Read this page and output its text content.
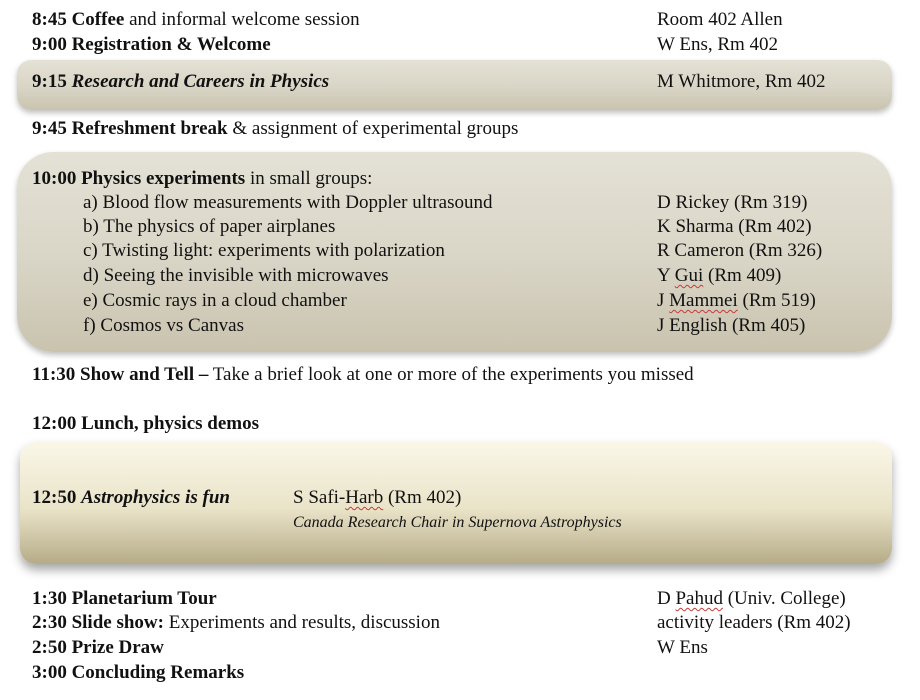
8:45 Coffee and informal welcome session	Room 402 Allen
9:00 Registration & Welcome	W Ens, Rm 402
9:15 Research and Careers in Physics	M Whitmore, Rm 402
9:45 Refreshment break & assignment of experimental groups
10:00 Physics experiments in small groups:
a) Blood flow measurements with Doppler ultrasound	D Rickey (Rm 319)
b) The physics of paper airplanes	K Sharma (Rm 402)
c) Twisting light: experiments with polarization	R Cameron (Rm 326)
d) Seeing the invisible with microwaves	Y Gui (Rm 409)
e) Cosmic rays in a cloud chamber	J Mammei (Rm 519)
f) Cosmos vs Canvas	J English (Rm 405)
11:30 Show and Tell – Take a brief look at one or more of the experiments you missed
12:00 Lunch, physics demos
12:50 Astrophysics is fun	S Safi-Harb (Rm 402)
Canada Research Chair in Supernova Astrophysics
1:30 Planetarium Tour	D Pahud (Univ. College)
2:30 Slide show: Experiments and results, discussion	activity leaders (Rm 402)
2:50 Prize Draw	W Ens
3:00 Concluding Remarks
